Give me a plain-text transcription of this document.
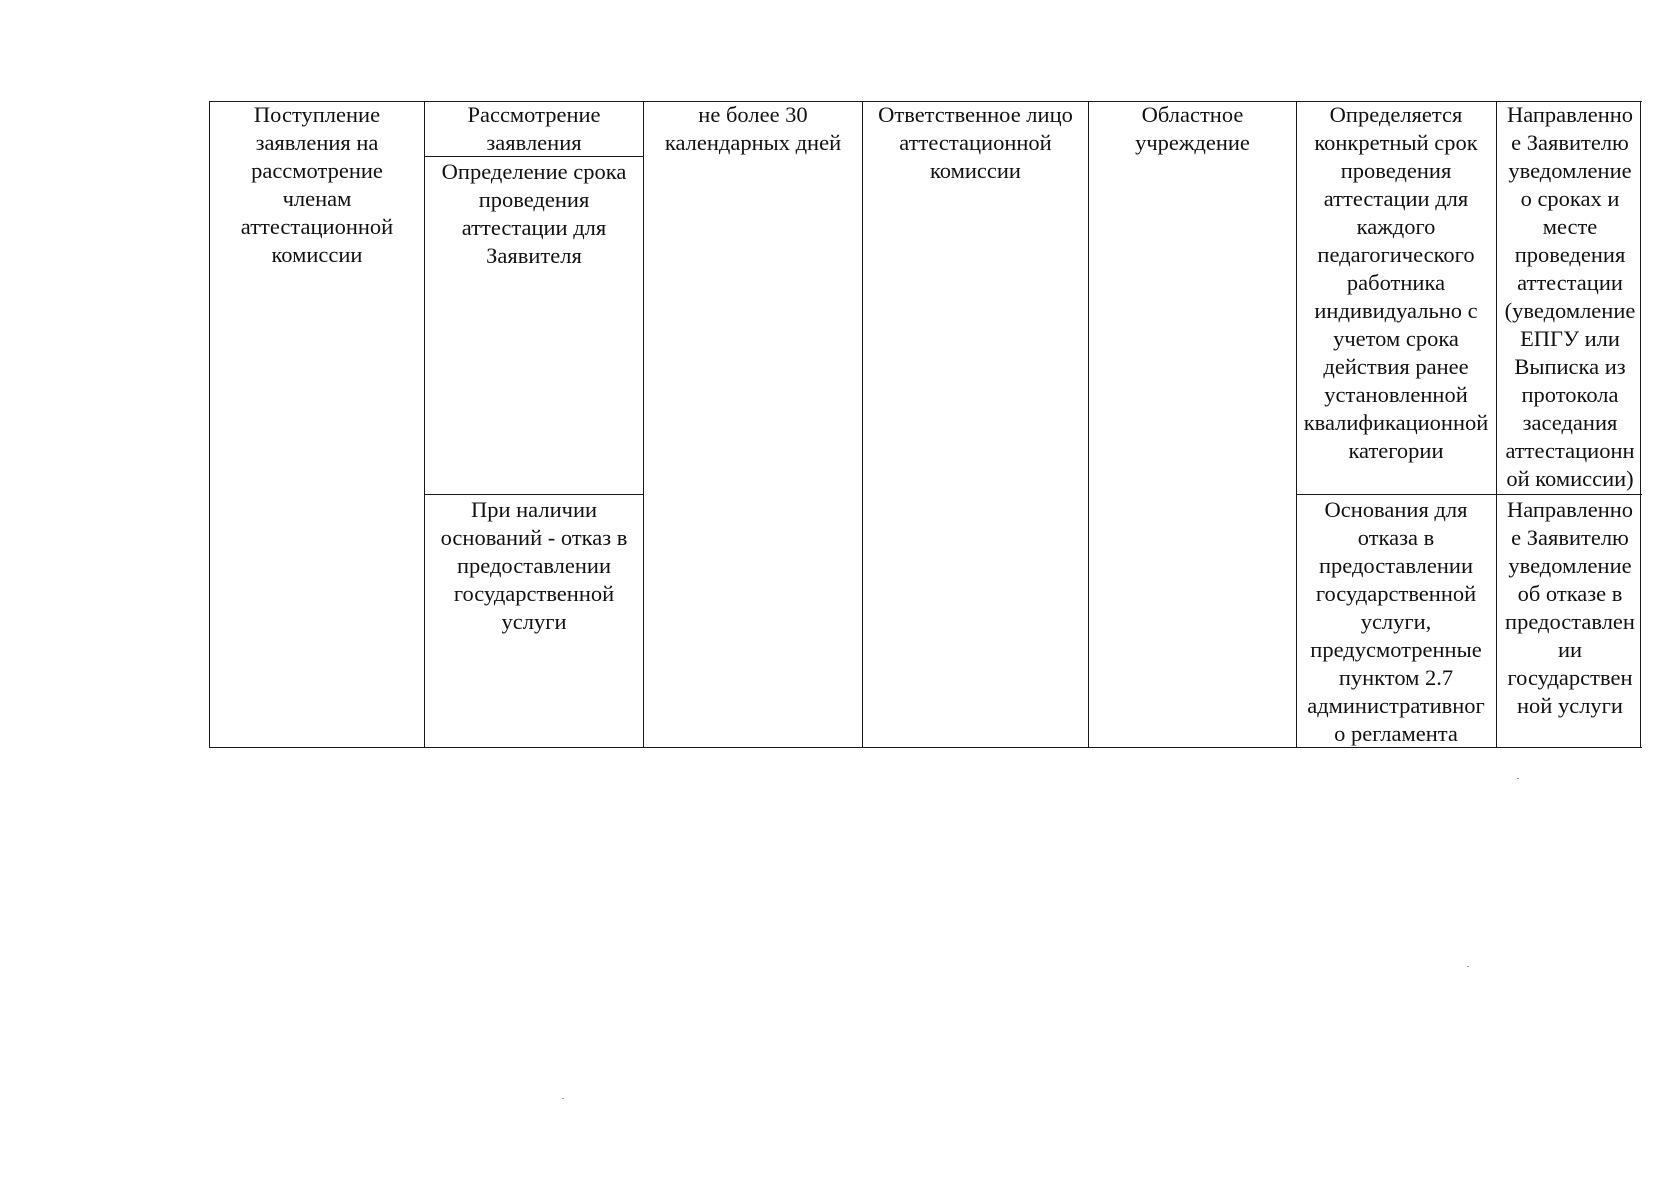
Поступление
заявления на
рассмотрение
членам
аттестационной
комиссии
Рассмотрение
заявления
Определение срока
проведения
аттестации для
Заявителя
При наличии
оснований - отказ в
предоставлении
государственной
услуги
не более 30
календарных дней
Ответственное лицо
аттестационной
комиссии
Областное
учреждение
Определяется
конкретный срок
проведения
аттестации для
каждого
педагогического
работника
индивидуально с
учетом срока
действия ранее
установленной
квалификационной
категории
Основания для
отказа в
предоставлении
государственной
услуги,
предусмотренные
пунктом 2.7
административног
о регламента
Направленно
е Заявителю
уведомление
о сроках и
месте
проведения
аттестации
(уведомление
ЕПГУ или
Выписка из
протокола
заседания
аттестационн
ой комиссии)
Направленно
е Заявителю
уведомление
об отказе в
предоставлен
ии
государствен
ной услуги
